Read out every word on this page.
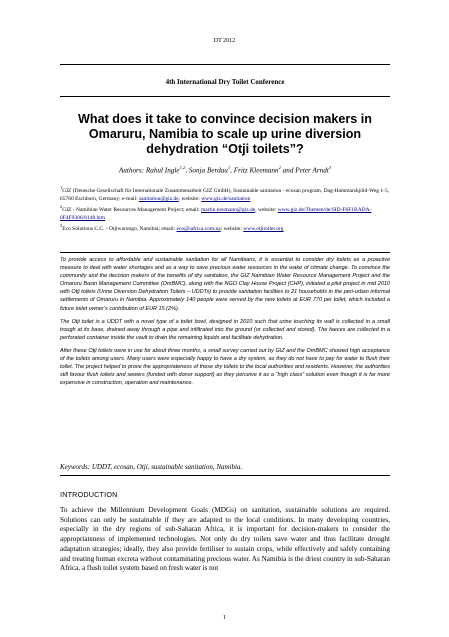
DT 2012
4th International Dry Toilet Conference
What does it take to convince decision makers in Omaruru, Namibia to scale up urine diversion dehydration “Otji toilets”?
Authors: Rahul Ingle$^{1,2}$, Sonja Berdau$^1$, Fritz Kleemann$^2$ and Peter Arndt$^3$
$^1$GIZ (Deutsche Gesellschaft für Internationale Zusammenarbeit GIZ GmbH), Sustainable sanitation - ecosan program, Dag-Hammarskjöld-Weg 1-5, 65760 Eschborn, Germany; e-mail: sanitation@giz.de, website: www.giz.de/sanitation
$^2$GIZ - Namibian Water Resources Management Project; email: martin.neumann@giz.de, website: www.giz.de/Themen/de/SID-F6F1BADA-0F4F9306/8148.htm
$^3$Eco Solutions C.C. - Otjiwarongo, Namibia; email: eco@iafrica.com.na; website: www.otjitoilet.org

To provide access to affordable and sustainable sanitation for all Namibians, it is essential to consider dry toilets as a proactive measure to deal with water shortages and as a way to save precious water resources in the wake of climate change. To convince the community and the decision makers of the benefits of dry sanitation, the GIZ Namibian Water Resource Management Project and the Omaruru Basin Management Committee (OmBMC), along with the NGO Clay House Project (CHP), initiated a pilot project in mid 2010 with Otji toilets (Urine Diversion Dehydration Toilets – UDDTs) to provide sanitation facilities to 21 households in the peri-urban informal settlements of Omaruru in Namibia. Approximately 140 people were served by the new toilets at EUR 770 per toilet, which included a future toilet owner’s contribution of EUR 15 (2%).

The Otji toilet is a UDDT with a novel type of a toilet bowl, designed in 2010 such that urine touching its wall is collected in a small trough at its base, drained away through a pipe and infiltrated into the ground (or collected and stored). The faeces are collected in a perforated container inside the vault to drain the remaining liquids and facilitate dehydration.

After these Otji toilets were in use for about three months, a small survey carried out by GIZ and the OmBMC showed high acceptance of the toilets among users. Many users were especially happy to have a dry system, as they do not have to pay for water to flush their toilet. The project helped to prove the appropriateness of these dry toilets to the local authorities and residents. However, the authorities still favour flush toilets and sewers (funded with donor support) as they perceive it as a “high class” solution even though it is far more expensive in construction, operation and maintenance.

Keywords: UDDT, ecosan, Otji, sustainable sanitation, Namibia.
INTRODUCTION
To achieve the Millennium Development Goals (MDGs) on sanitation, sustainable solutions are required. Solutions can only be sustainable if they are adapted to the local conditions. In many developing countries, especially in the dry regions of sub-Saharan Africa, it is important for decision-makers to consider the appropriateness of implemented technologies. Not only do dry toilets save water and thus facilitate drought adaptation strategies; ideally, they also provide fertiliser to sustain crops, while effectively and safely containing and treating human excreta without contaminating precious water. As Namibia is the driest country in sub-Saharan Africa, a flush toilet system based on fresh water is not
1
